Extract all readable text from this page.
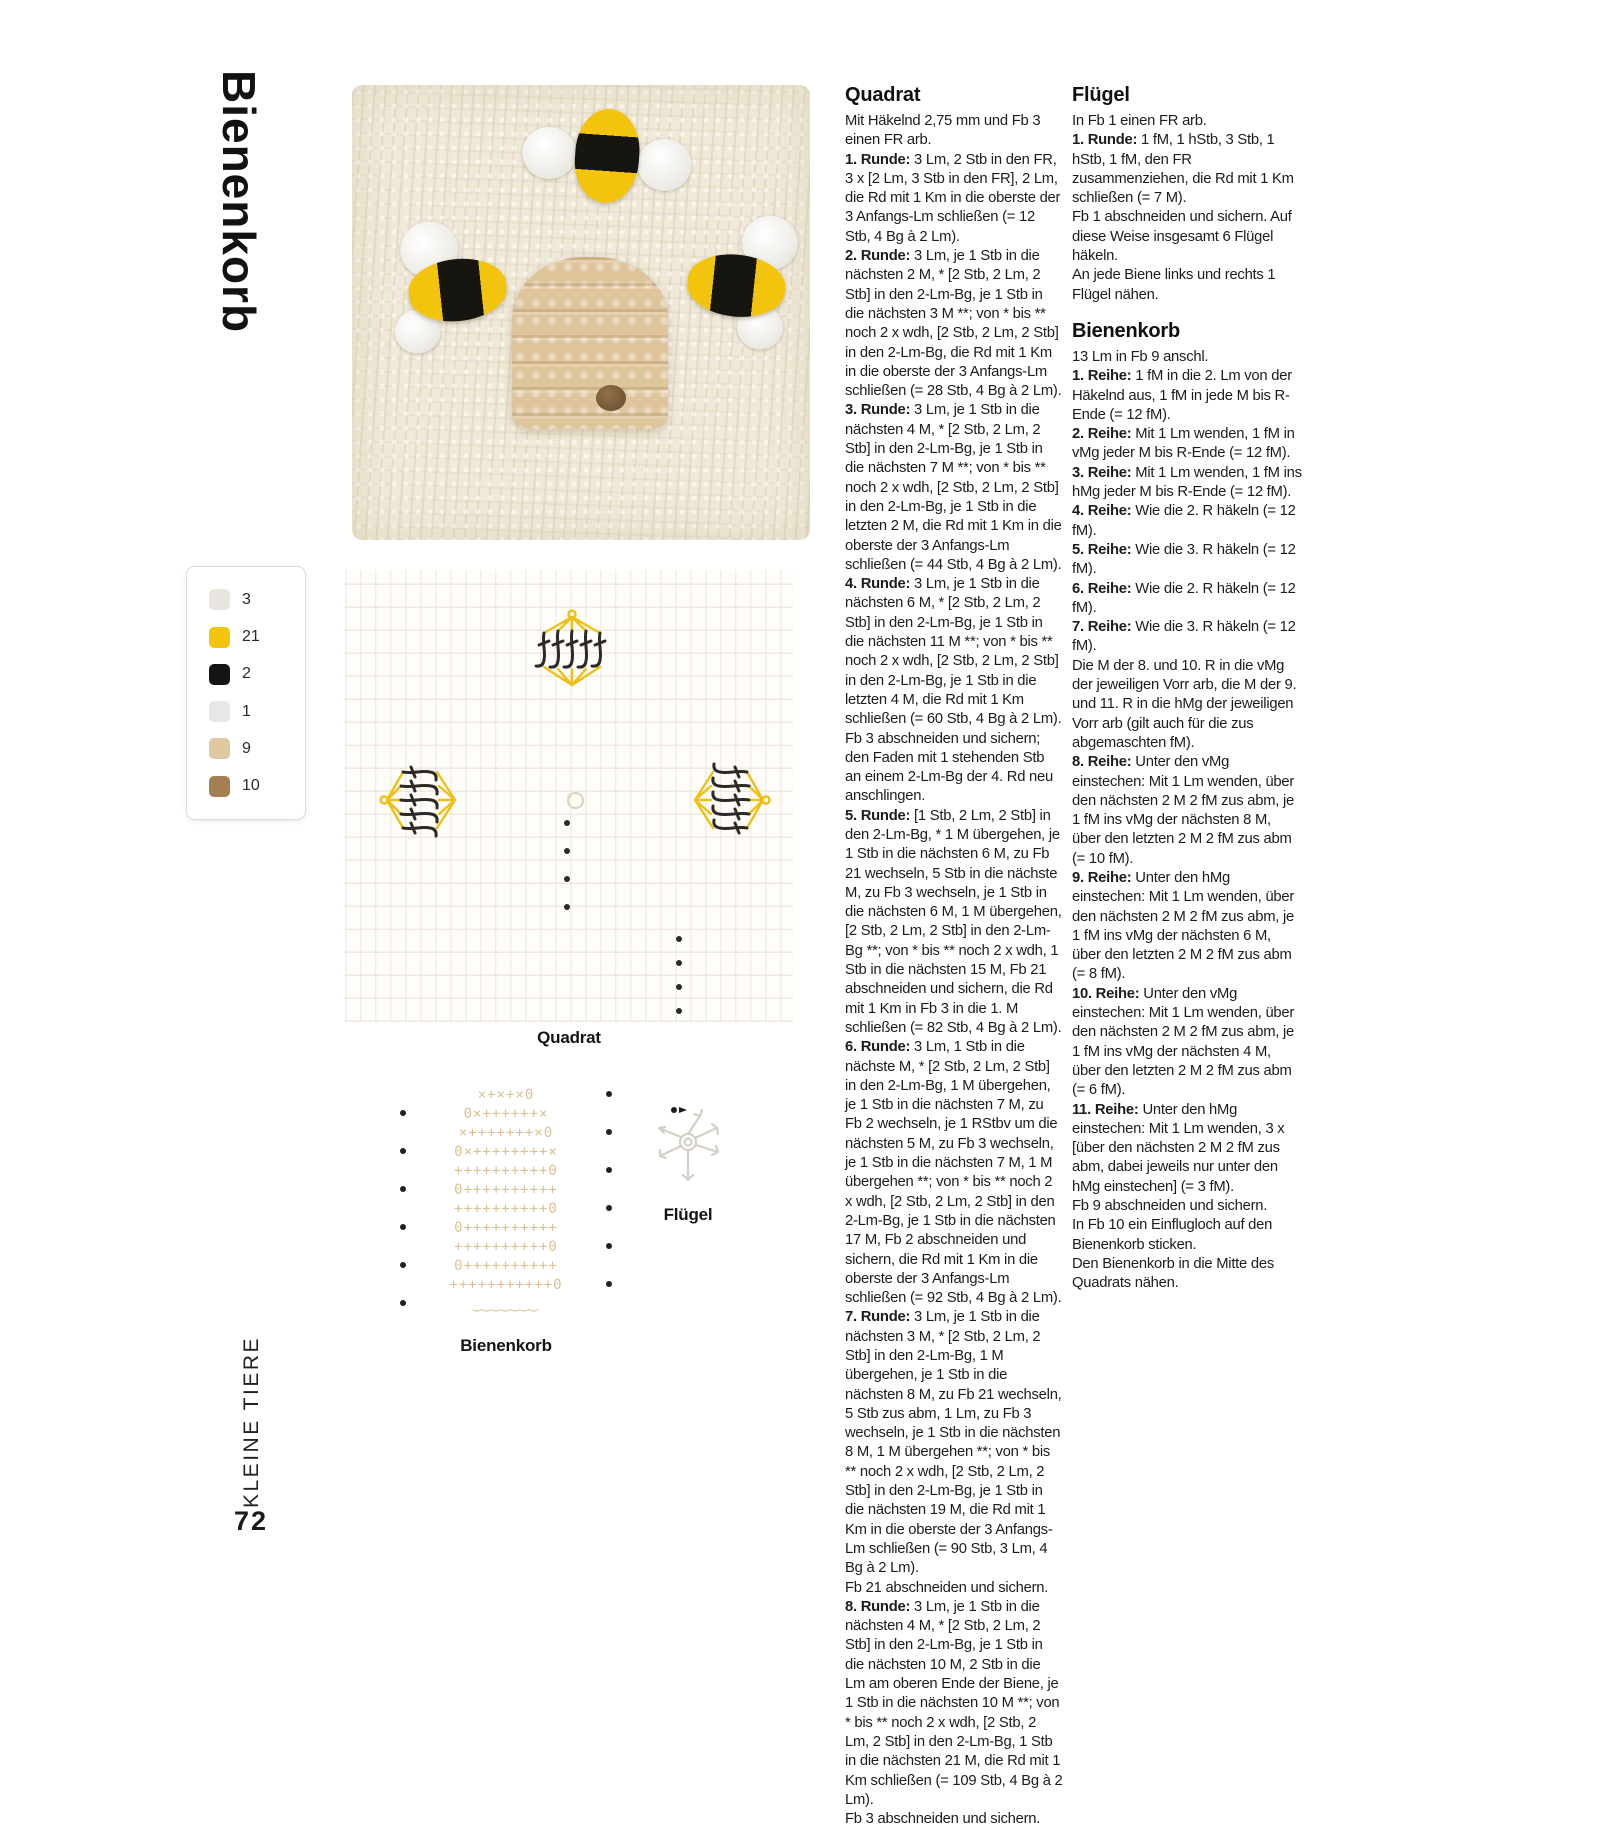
Bienenkorb
KLEINE TIERE
72
3
21
2
1
9
10
Quadrat
×+×+×0
0×++++++×
×+++++++×0
0×++++++++×
++++++++++0
0++++++++++
++++++++++0
0++++++++++
++++++++++0
0++++++++++
+++++++++++0
‿‿‿‿‿‿‿
Bienenkorb
Flügel
Quadrat

Mit Häkelnd 2,75 mm und Fb 3 einen FR arb.

1. Runde: 3 Lm, 2 Stb in den FR, 3 x [2 Lm, 3 Stb in den FR], 2 Lm, die Rd mit 1 Km in die oberste der 3 Anfangs-Lm schließen (= 12 Stb, 4 Bg à 2 Lm).

2. Runde: 3 Lm, je 1 Stb in die nächsten 2 M, * [2 Stb, 2 Lm, 2 Stb] in den 2-Lm-Bg, je 1 Stb in die nächsten 3 M **; von * bis ** noch 2 x wdh, [2 Stb, 2 Lm, 2 Stb] in den 2-Lm-Bg, die Rd mit 1 Km in die oberste der 3 Anfangs-Lm schließen (= 28 Stb, 4 Bg à 2 Lm).

3. Runde: 3 Lm, je 1 Stb in die nächsten 4 M, * [2 Stb, 2 Lm, 2 Stb] in den 2-Lm-Bg, je 1 Stb in die nächsten 7 M **; von * bis ** noch 2 x wdh, [2 Stb, 2 Lm, 2 Stb] in den 2-Lm-Bg, je 1 Stb in die letzten 2 M, die Rd mit 1 Km in die oberste der 3 Anfangs-Lm schließen (= 44 Stb, 4 Bg à 2 Lm).

4. Runde: 3 Lm, je 1 Stb in die nächsten 6 M, * [2 Stb, 2 Lm, 2 Stb] in den 2-Lm-Bg, je 1 Stb in die nächsten 11 M **; von * bis ** noch 2 x wdh, [2 Stb, 2 Lm, 2 Stb] in den 2-Lm-Bg, je 1 Stb in die letzten 4 M, die Rd mit 1 Km schließen (= 60 Stb, 4 Bg à 2 Lm).

Fb 3 abschneiden und sichern; den Faden mit 1 stehenden Stb an einem 2-Lm-Bg der 4. Rd neu anschlingen.

5. Runde: [1 Stb, 2 Lm, 2 Stb] in den 2-Lm-Bg, * 1 M übergehen, je 1 Stb in die nächsten 6 M, zu Fb 21 wechseln, 5 Stb in die nächste M, zu Fb 3 wechseln, je 1 Stb in die nächsten 6 M, 1 M übergehen, [2 Stb, 2 Lm, 2 Stb] in den 2-Lm-Bg **; von * bis ** noch 2 x wdh, 1 Stb in die nächsten 15 M, Fb 21 abschneiden und sichern, die Rd mit 1 Km in Fb 3 in die 1. M schließen (= 82 Stb, 4 Bg à 2 Lm).

6. Runde: 3 Lm, 1 Stb in die nächste M, * [2 Stb, 2 Lm, 2 Stb] in den 2-Lm-Bg, 1 M übergehen, je 1 Stb in die nächsten 7 M, zu Fb 2 wechseln, je 1 RStbv um die nächsten 5 M, zu Fb 3 wechseln, je 1 Stb in die nächsten 7 M, 1 M übergehen **; von * bis ** noch 2 x wdh, [2 Stb, 2 Lm, 2 Stb] in den 2-Lm-Bg, je 1 Stb in die nächsten 17 M, Fb 2 abschneiden und sichern, die Rd mit 1 Km in die oberste der 3 Anfangs-Lm schließen (= 92 Stb, 4 Bg à 2 Lm).

7. Runde: 3 Lm, je 1 Stb in die nächsten 3 M, * [2 Stb, 2 Lm, 2 Stb] in den 2-Lm-Bg, 1 M übergehen, je 1 Stb in die nächsten 8 M, zu Fb 21 wechseln, 5 Stb zus abm, 1 Lm, zu Fb 3 wechseln, je 1 Stb in die nächsten 8 M, 1 M übergehen **; von * bis ** noch 2 x wdh, [2 Stb, 2 Lm, 2 Stb] in den 2-Lm-Bg, je 1 Stb in die nächsten 19 M, die Rd mit 1 Km in die oberste der 3 Anfangs-Lm schließen (= 90 Stb, 3 Lm, 4 Bg à 2 Lm).

Fb 21 abschneiden und sichern.

8. Runde: 3 Lm, je 1 Stb in die nächsten 4 M, * [2 Stb, 2 Lm, 2 Stb] in den 2-Lm-Bg, je 1 Stb in die nächsten 10 M, 2 Stb in die Lm am oberen Ende der Biene, je 1 Stb in die nächsten 10 M **; von * bis ** noch 2 x wdh, [2 Stb, 2 Lm, 2 Stb] in den 2-Lm-Bg, 1 Stb in die nächsten 21 M, die Rd mit 1 Km schließen (= 109 Stb, 4 Bg à 2 Lm).

Fb 3 abschneiden und sichern.

Flügel

In Fb 1 einen FR arb.

1. Runde: 1 fM, 1 hStb, 3 Stb, 1 hStb, 1 fM, den FR zusammenziehen, die Rd mit 1 Km schließen (= 7 M).

Fb 1 abschneiden und sichern. Auf diese Weise insgesamt 6 Flügel häkeln.

An jede Biene links und rechts 1 Flügel nähen.

Bienenkorb

13 Lm in Fb 9 anschl.

1. Reihe: 1 fM in die 2. Lm von der Häkelnd aus, 1 fM in jede M bis R-Ende (= 12 fM).

2. Reihe: Mit 1 Lm wenden, 1 fM in vMg jeder M bis R-Ende (= 12 fM).

3. Reihe: Mit 1 Lm wenden, 1 fM ins hMg jeder M bis R-Ende (= 12 fM).

4. Reihe: Wie die 2. R häkeln (= 12 fM).

5. Reihe: Wie die 3. R häkeln (= 12 fM).

6. Reihe: Wie die 2. R häkeln (= 12 fM).

7. Reihe: Wie die 3. R häkeln (= 12 fM).

Die M der 8. und 10. R in die vMg der jeweiligen Vorr arb, die M der 9. und 11. R in die hMg der jeweiligen Vorr arb (gilt auch für die zus abgemaschten fM).

8. Reihe: Unter den vMg einstechen: Mit 1 Lm wenden, über den nächsten 2 M 2 fM zus abm, je 1 fM ins vMg der nächsten 8 M, über den letzten 2 M 2 fM zus abm (= 10 fM).

9. Reihe: Unter den hMg einstechen: Mit 1 Lm wenden, über den nächsten 2 M 2 fM zus abm, je 1 fM ins vMg der nächsten 6 M, über den letzten 2 M 2 fM zus abm (= 8 fM).

10. Reihe: Unter den vMg einstechen: Mit 1 Lm wenden, über den nächsten 2 M 2 fM zus abm, je 1 fM ins vMg der nächsten 4 M, über den letzten 2 M 2 fM zus abm (= 6 fM).

11. Reihe: Unter den hMg einstechen: Mit 1 Lm wenden, 3 x [über den nächsten 2 M 2 fM zus abm, dabei jeweils nur unter den hMg einstechen] (= 3 fM).

Fb 9 abschneiden und sichern.

In Fb 10 ein Einflugloch auf den Bienenkorb sticken.

Den Bienenkorb in die Mitte des Quadrats nähen.
